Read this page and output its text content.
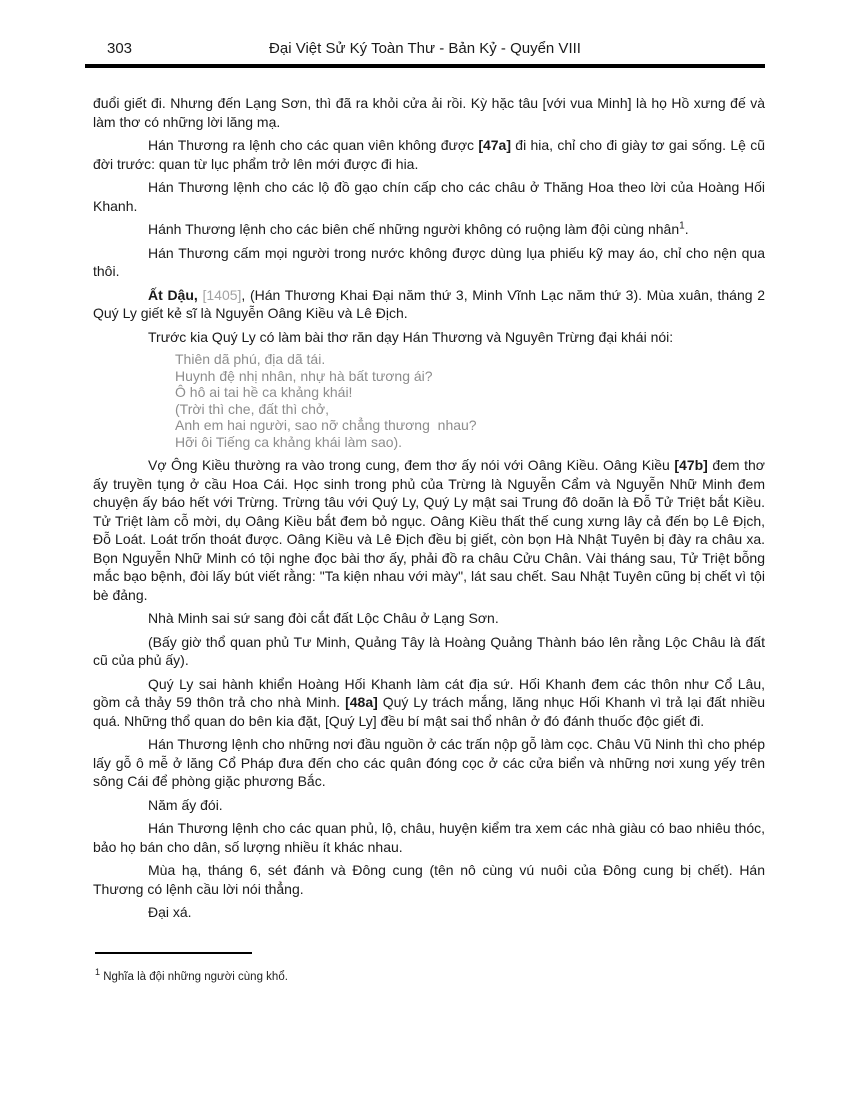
303	Đại Việt Sử Ký Toàn Thư - Bản Kỷ - Quyển VIII

đuổi giết đi. Nhưng đến Lạng Sơn, thì đã ra khỏi cửa ải rồi. Kỳ hặc tâu [với vua Minh] là họ Hồ xưng đế và làm thơ có những lời lăng mạ.

Hán Thương ra lệnh cho các quan viên không được [47a] đi hia, chỉ cho đi giày tơ gai sống. Lệ cũ đời trước: quan từ lục phẩm trở lên mới được đi hia.

Hán Thương lệnh cho các lộ đồ gạo chín cấp cho các châu ở Thăng Hoa theo lời của Hoàng Hối Khanh.

Hánh Thương lệnh cho các biên chế những người không có ruộng làm đội cùng nhân$^1$.

Hán Thương cấm mọi người trong nước không được dùng lụa phiếu kỹ may áo, chỉ cho nện qua thôi.

Ất Dậu, [1405], (Hán Thương Khai Đại năm thứ 3, Minh Vĩnh Lạc năm thứ 3). Mùa xuân, tháng 2 Quý Ly giết kẻ sĩ là Nguyễn Oâng Kiều và Lê Địch.

Trước kia Quý Ly có làm bài thơ răn dạy Hán Thương và Nguyên Trừng đại khái nói:

Thiên dã phú, địa dã tái.
Huynh đệ nhị nhân, nhự hà bất tương ái?
Ô hô ai tai hề ca khảng khái!
(Trời thì che, đất thì chở,
Anh em hai người, sao nỡ chẳng thương  nhau?
Hỡi ôi Tiếng ca khảng khái làm sao).

Vợ Ông Kiều thường ra vào trong cung, đem thơ ấy nói với Oâng Kiều. Oâng Kiều [47b] đem thơ ấy truyền tụng ở cầu Hoa Cái. Học sinh trong phủ của Trừng là Nguyễn Cẩm và Nguyễn Nhữ Minh đem chuyện ấy báo hết với Trừng. Trừng tâu với Quý Ly, Quý Ly mật sai Trung đô doãn là Đỗ Tử Triệt bắt Kiều. Tử Triệt làm cỗ mời, dụ Oâng Kiều bắt đem bỏ ngục. Oâng Kiều thất thế cung xưng lây cả đến bọ Lê Địch, Đỗ Loát. Loát trốn thoát được. Oâng Kiều và Lê Địch đều bị giết, còn bọn Hà Nhật Tuyên bị đày ra châu xa. Bọn Nguyễn Nhữ Minh có tội nghe đọc bài thơ ấy, phải đồ ra châu Cửu Chân. Vài tháng sau, Tử Triệt bỗng mắc bạo bệnh, đòi lấy bút viết rằng: "Ta kiện nhau với mày", lát sau chết. Sau Nhật Tuyên cũng bị chết vì tội bè đảng.

Nhà Minh sai sứ sang đòi cắt đất Lộc Châu ở Lạng Sơn.

(Bấy giờ thổ quan phủ Tư Minh, Quảng Tây là Hoàng Quảng Thành báo lên rằng Lộc Châu là đất cũ của phủ ấy).

Quý Ly sai hành khiển Hoàng Hối Khanh làm cát địa sứ. Hối Khanh đem các thôn như Cổ Lâu, gồm cả thảy 59 thôn trả cho nhà Minh. [48a] Quý Ly trách mắng, lăng nhục Hối Khanh vì trả lại đất nhiều quá. Những thổ quan do bên kia đặt, [Quý Ly] đều bí mật sai thổ nhân ở đó đánh thuốc độc giết đi.

Hán Thương lệnh cho những nơi đầu nguồn ở các trấn nộp gỗ làm cọc. Châu Vũ Ninh thì cho phép lấy gỗ ô mễ ở lăng Cổ Pháp đưa đến cho các quân đóng cọc ở các cửa biển và những nơi xung yếy trên sông Cái để phòng giặc phương Bắc.

Năm ấy đói.

Hán Thương lệnh cho các quan phủ, lộ, châu, huyện kiểm tra xem các nhà giàu có bao nhiêu thóc, bảo họ bán cho dân, số lượng nhiều ít khác nhau.

Mùa hạ, tháng 6, sét đánh và Đông cung (tên nô cùng vú nuôi của Đông cung bị chết). Hán Thương có lệnh cầu lời nói thẳng.

Đại xá.

$^1$ Nghĩa là đội những người cùng khổ.
